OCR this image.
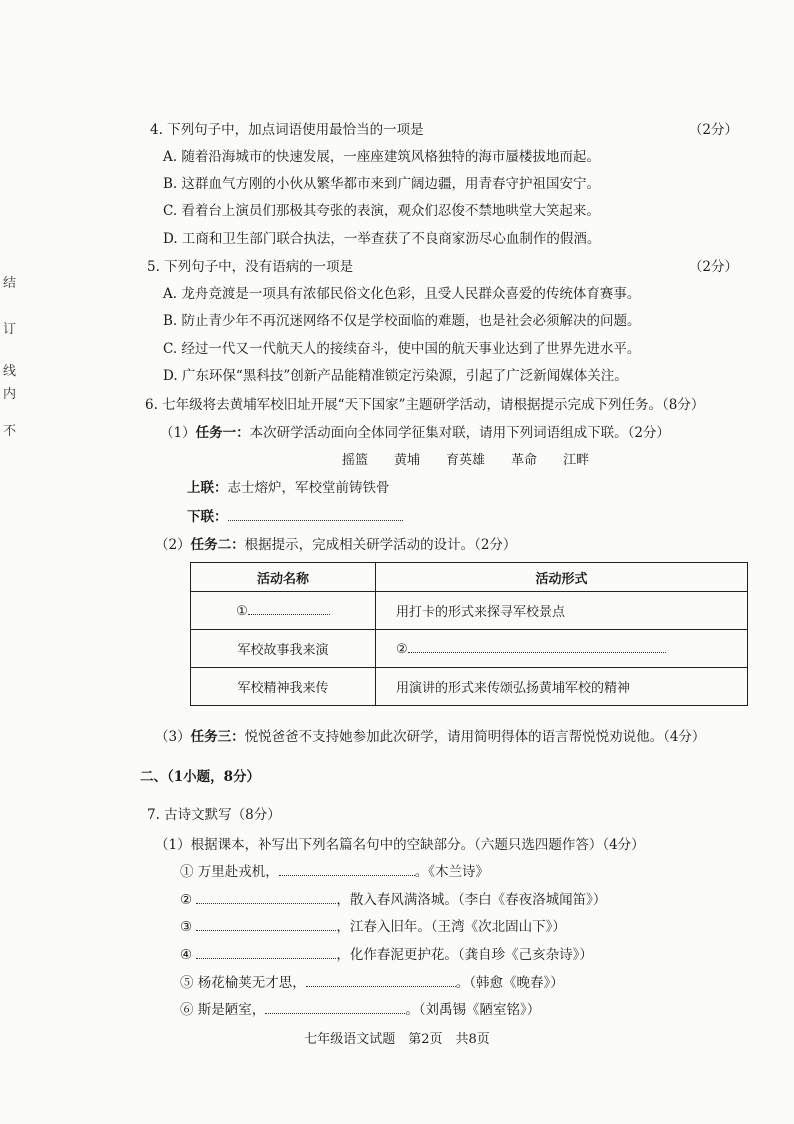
结
订
线
内
不
4. 下列句子中，加点词语使用最恰当的一项是	（2分）
A. 随着沿海城市的快速发展，一座座建筑风格独特的海市蜃楼拔地而起。
B. 这群血气方刚的小伙从繁华都市来到广阔边疆，用青春守护祖国安宁。
C. 看着台上演员们那极其夸张的表演，观众们忍俊不禁地哄堂大笑起来。
D. 工商和卫生部门联合执法，一举查获了不良商家沥尽心血制作的假酒。
5. 下列句子中，没有语病的一项是	（2分）
A. 龙舟竞渡是一项具有浓郁民俗文化色彩，且受人民群众喜爱的传统体育赛事。
B. 防止青少年不再沉迷网络不仅是学校面临的难题，也是社会必须解决的问题。
C. 经过一代又一代航天人的接续奋斗，使中国的航天事业达到了世界先进水平。
D. 广东环保“黑科技”创新产品能精准锁定污染源，引起了广泛新闻媒体关注。
6. 七年级将去黄埔军校旧址开展“天下国家”主题研学活动，请根据提示完成下列任务。（8分）
（1）任务一：本次研学活动面向全体同学征集对联，请用下列词语组成下联。（2分）
摇篮 黄埔 育英雄 革命 江畔
上联：志士熔炉，军校堂前铸铁骨
下联：
（2）任务二：根据提示，完成相关研学活动的设计。（2分）
活动名称	活动形式
①	用打卡的形式来探寻军校景点
军校故事我来演	②
军校精神我来传	用演讲的形式来传颂弘扬黄埔军校的精神
（3）任务三：悦悦爸爸不支持她参加此次研学，请用简明得体的语言帮悦悦劝说他。（4分）
二、（1小题，8分）
7. 古诗文默写（8分）
（1）根据课本，补写出下列名篇名句中的空缺部分。（六题只选四题作答）（4分）
① 万里赴戎机，	。《木兰诗》
②	，散入春风满洛城。（李白《春夜洛城闻笛》）
③	，江春入旧年。（王湾《次北固山下》）
④	，化作春泥更护花。（龚自珍《己亥杂诗》）
⑤ 杨花榆荚无才思，	。（韩愈《晚春》）
⑥ 斯是陋室，	。（刘禹锡《陋室铭》）
七年级语文试题　第2页　共8页
